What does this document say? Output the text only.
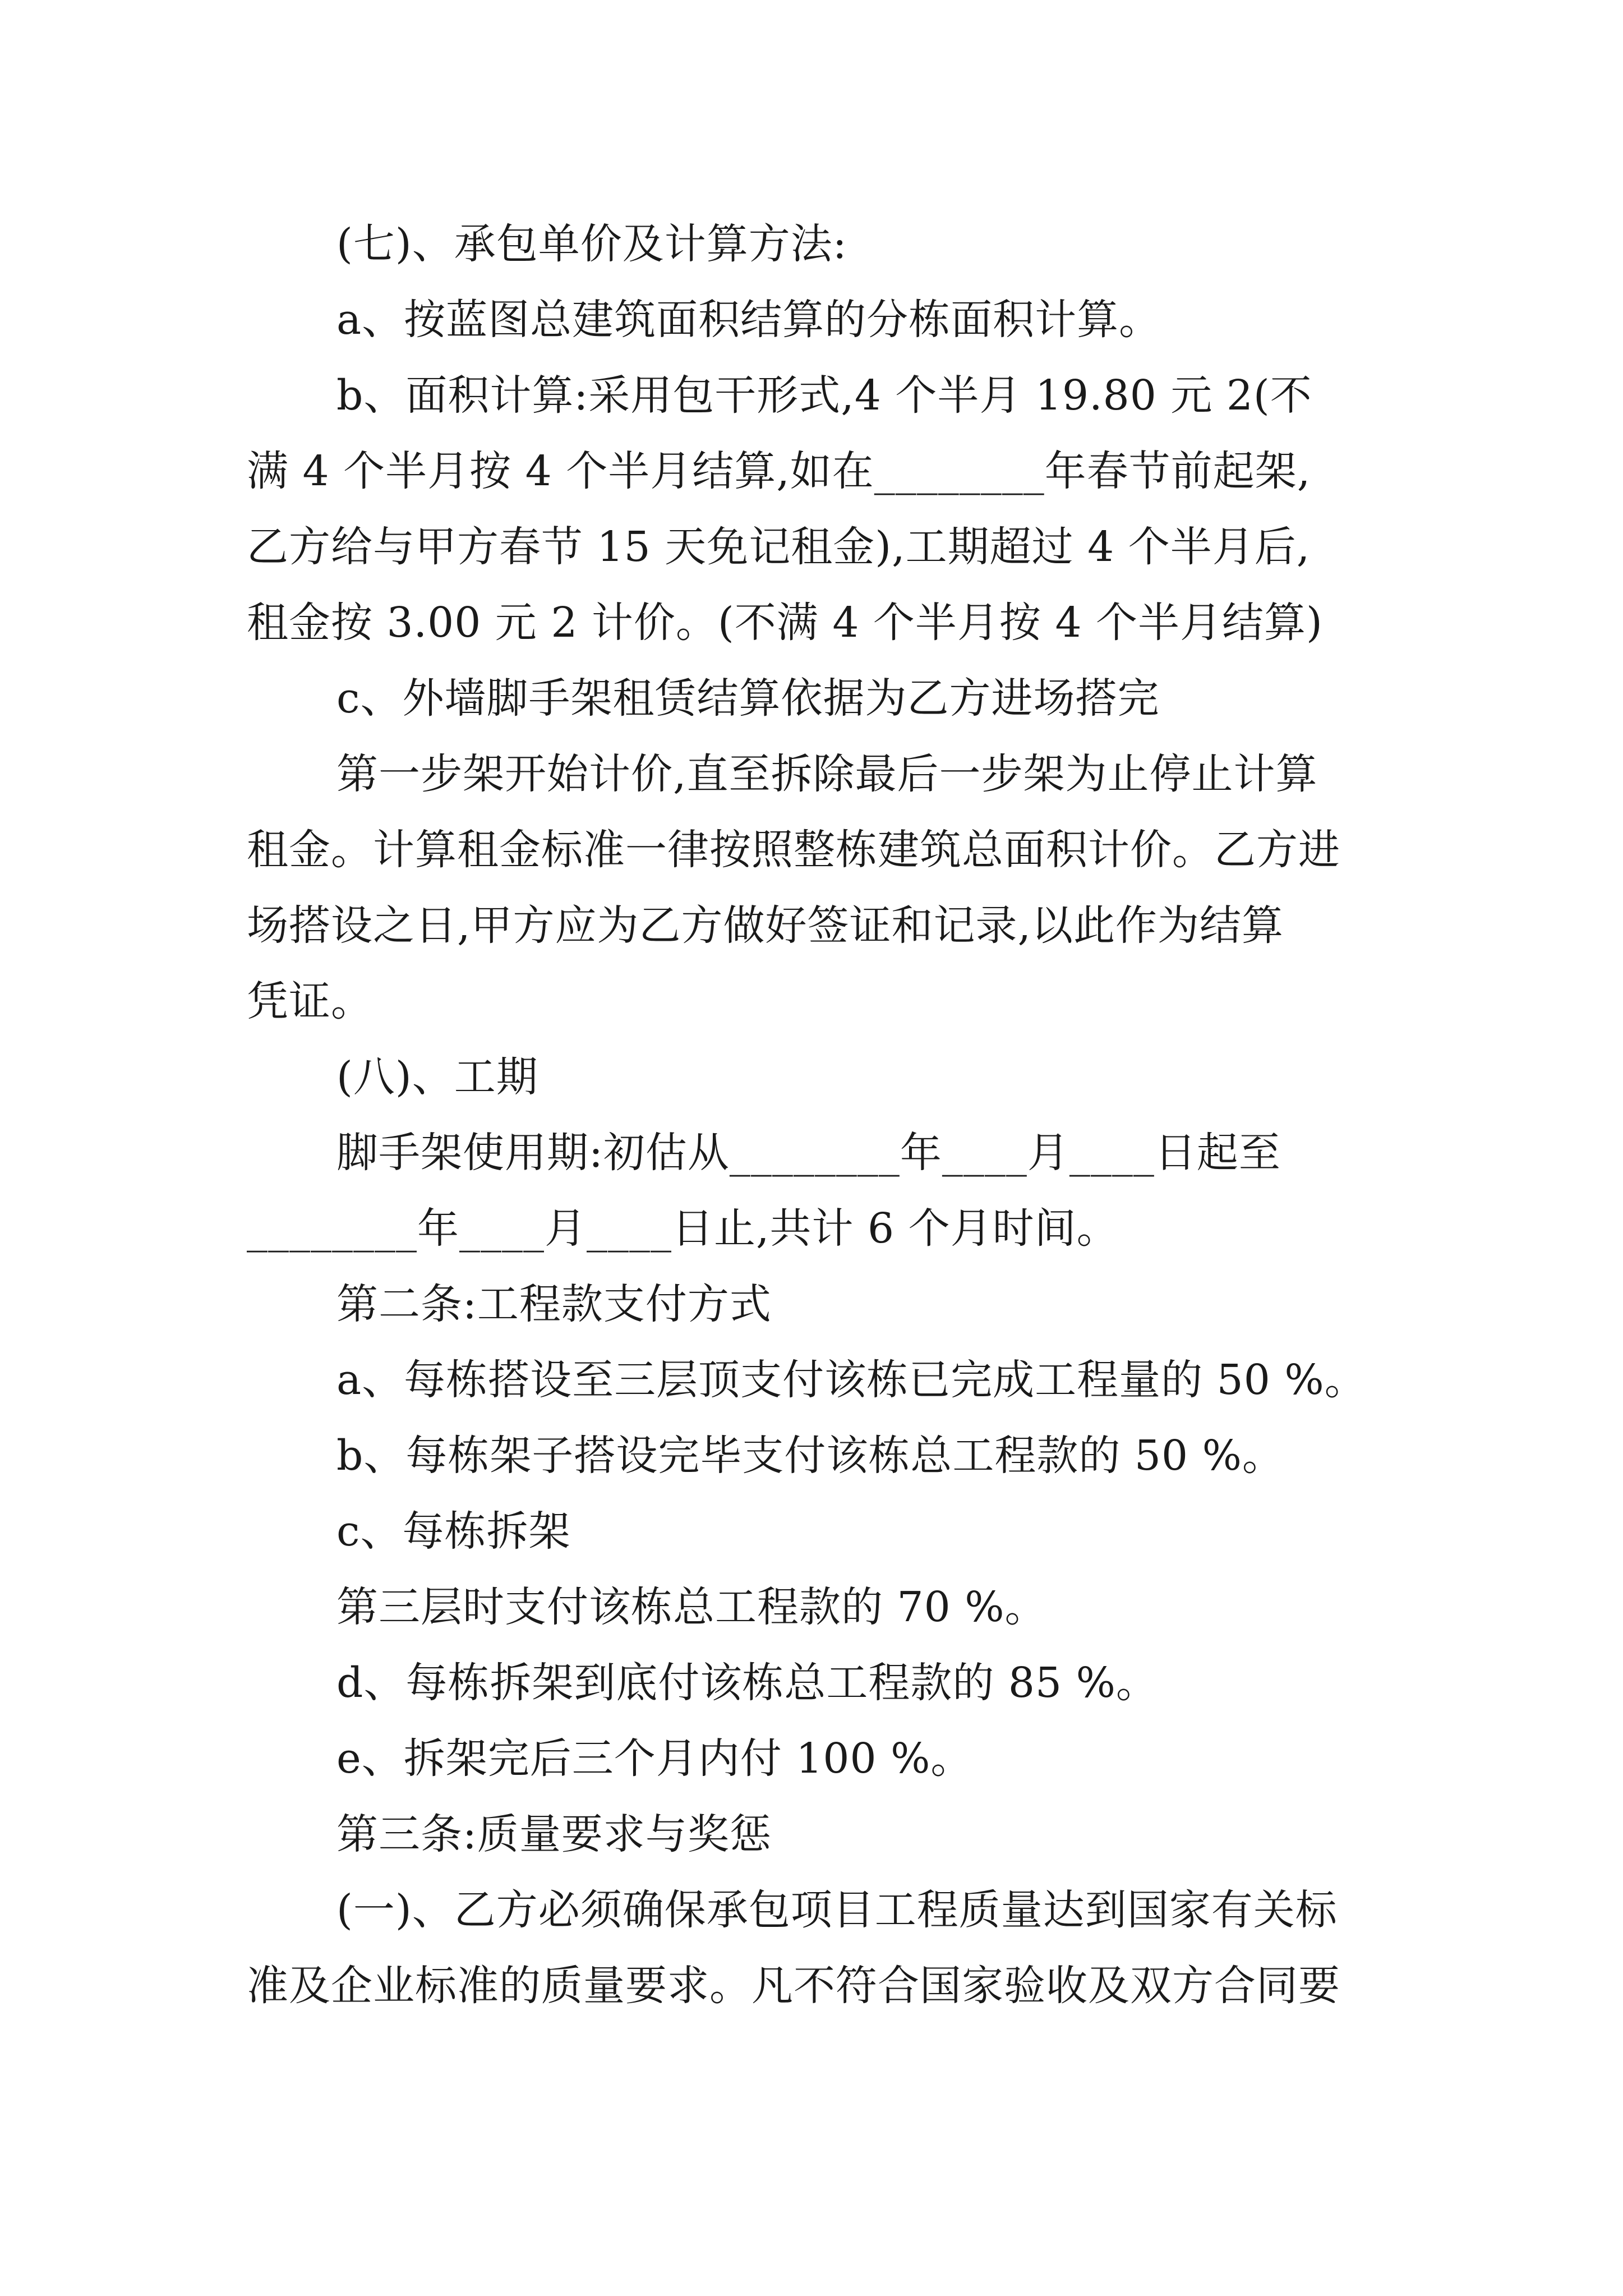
(七)、承包单价及计算方法:
a、按蓝图总建筑面积结算的分栋面积计算。
b、面积计算:采用包干形式,4 个半月 19.80 元 2(不
满 4 个半月按 4 个半月结算,如在________年春节前起架,
乙方给与甲方春节 15 天免记租金),工期超过 4 个半月后,
租金按 3.00 元 2 计价。(不满 4 个半月按 4 个半月结算)
c、外墙脚手架租赁结算依据为乙方进场搭完
第一步架开始计价,直至拆除最后一步架为止停止计算
租金。计算租金标准一律按照整栋建筑总面积计价。乙方进
场搭设之日,甲方应为乙方做好签证和记录,以此作为结算
凭证。
(八)、工期
脚手架使用期:初估从________年____月____日起至
________年____月____日止,共计 6 个月时间。
第二条:工程款支付方式
a、每栋搭设至三层顶支付该栋已完成工程量的 50 %。
b、每栋架子搭设完毕支付该栋总工程款的 50 %。
c、每栋拆架
第三层时支付该栋总工程款的 70 %。
d、每栋拆架到底付该栋总工程款的 85 %。
e、拆架完后三个月内付 100 %。
第三条:质量要求与奖惩
(一)、乙方必须确保承包项目工程质量达到国家有关标
准及企业标准的质量要求。凡不符合国家验收及双方合同要
